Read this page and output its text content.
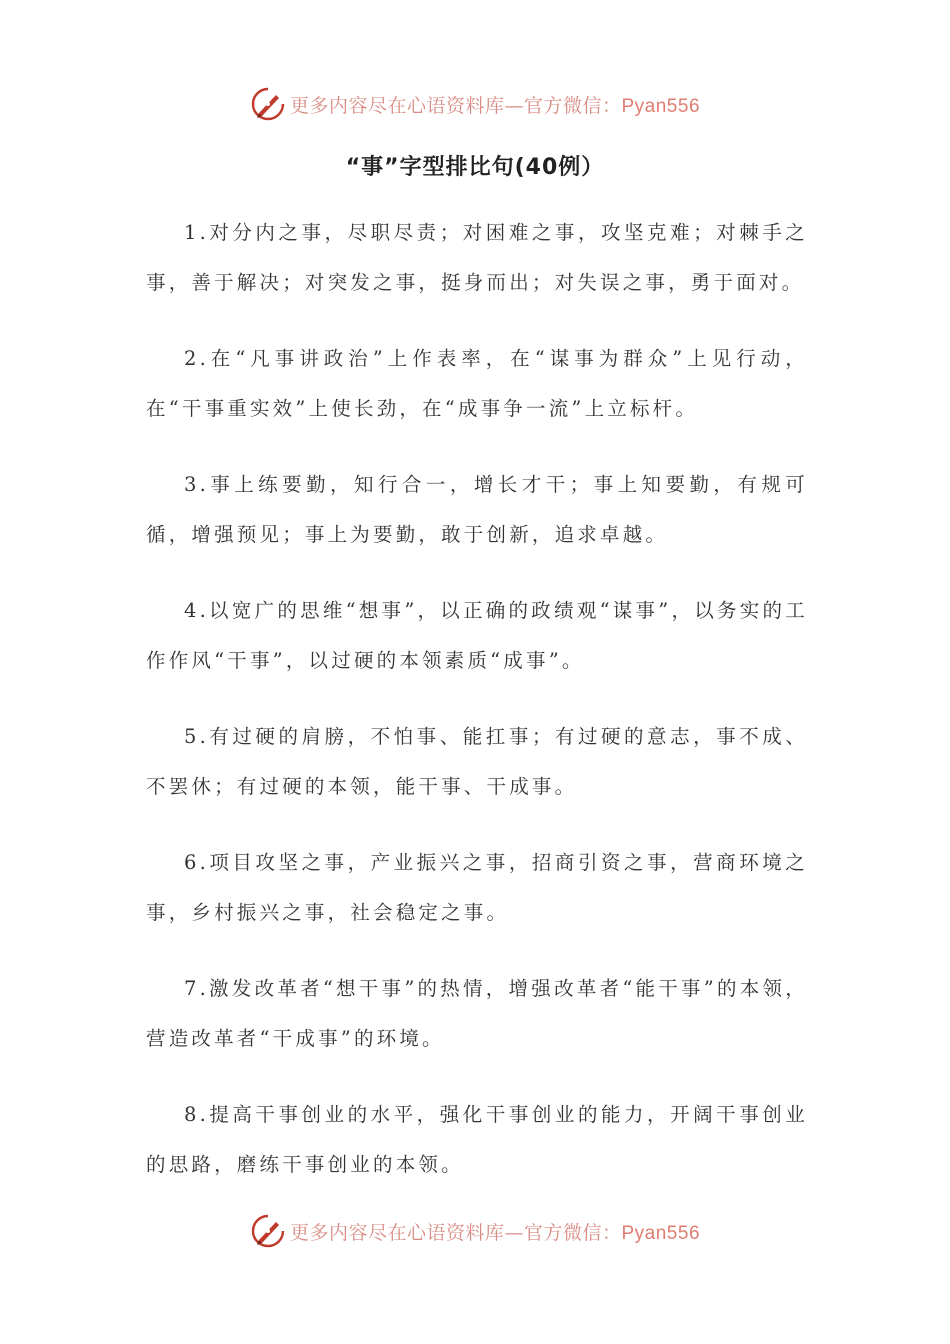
更多内容尽在心语资料库—官方微信：Pyan556
“事”字型排比句(40例）

1.对分内之事，尽职尽责；对困难之事，攻坚克难；对棘手之事，善于解决；对突发之事，挺身而出；对失误之事，勇于面对。

2.在“凡事讲政治”上作表率，在“谋事为群众”上见行动，在“干事重实效”上使长劲，在“成事争一流”上立标杆。

3.事上练要勤，知行合一，增长才干；事上知要勤，有规可循，增强预见；事上为要勤，敢于创新，追求卓越。

4.以宽广的思维“想事”，以正确的政绩观“谋事”，以务实的工作作风“干事”，以过硬的本领素质“成事”。

5.有过硬的肩膀，不怕事、能扛事；有过硬的意志，事不成、不罢休；有过硬的本领，能干事、干成事。

6.项目攻坚之事，产业振兴之事，招商引资之事，营商环境之事，乡村振兴之事，社会稳定之事。

7.激发改革者“想干事”的热情，增强改革者“能干事”的本领，营造改革者“干成事”的环境。

8.提高干事创业的水平，强化干事创业的能力，开阔干事创业的思路，磨练干事创业的本领。

更多内容尽在心语资料库—官方微信：Pyan556
